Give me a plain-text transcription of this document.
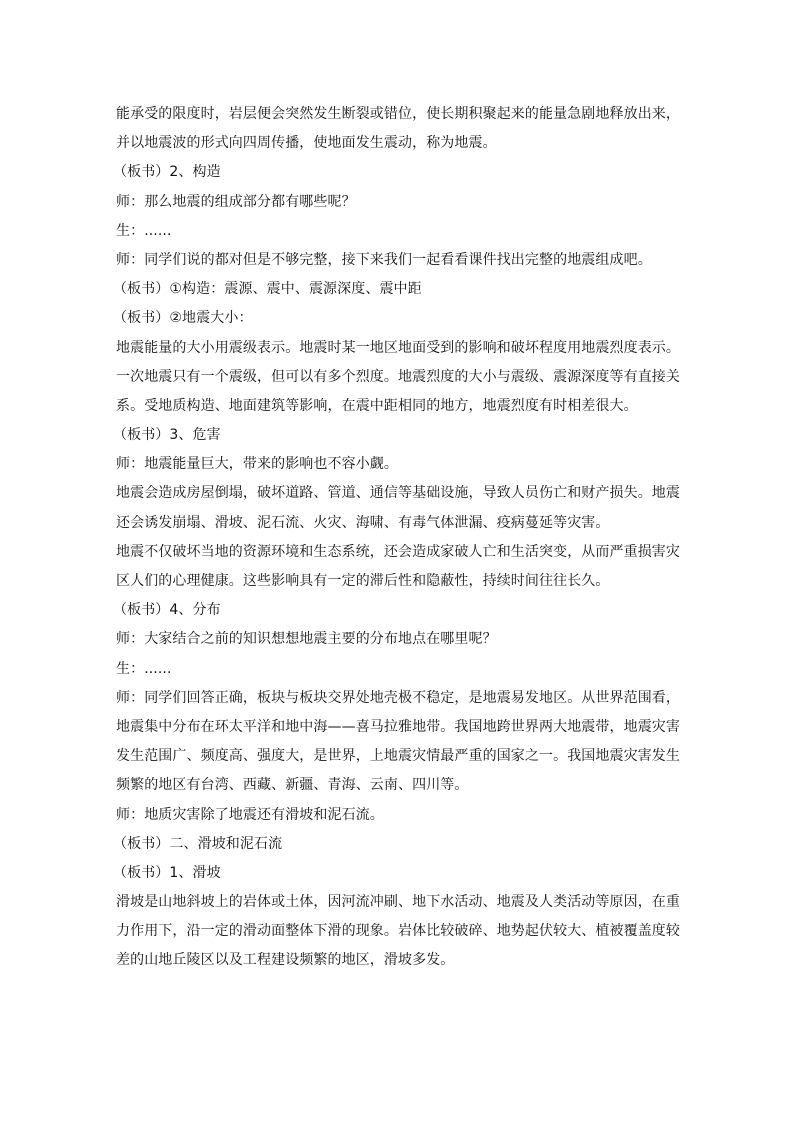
能承受的限度时，岩层便会突然发生断裂或错位，使长期积聚起来的能量急剧地释放出来，
并以地震波的形式向四周传播，使地面发生震动，称为地震。
（板书）2、构造
师：那么地震的组成部分都有哪些呢？
生：......
师：同学们说的都对但是不够完整，接下来我们一起看看课件找出完整的地震组成吧。
（板书）①构造：震源、震中、震源深度、震中距
（板书）②地震大小：
地震能量的大小用震级表示。地震时某一地区地面受到的影响和破坏程度用地震烈度表示。
一次地震只有一个震级，但可以有多个烈度。地震烈度的大小与震级、震源深度等有直接关
系。受地质构造、地面建筑等影响，在震中距相同的地方，地震烈度有时相差很大。
（板书）3、危害
师：地震能量巨大，带来的影响也不容小觑。
地震会造成房屋倒塌，破坏道路、管道、通信等基础设施，导致人员伤亡和财产损失。地震
还会诱发崩塌、滑坡、泥石流、火灾、海啸、有毒气体泄漏、疫病蔓延等灾害。
地震不仅破坏当地的资源环境和生态系统，还会造成家破人亡和生活突变，从而严重损害灾
区人们的心理健康。这些影响具有一定的滞后性和隐蔽性，持续时间往往长久。
（板书）4、分布
师：大家结合之前的知识想想地震主要的分布地点在哪里呢？
生：......
师：同学们回答正确，板块与板块交界处地壳极不稳定，是地震易发地区。从世界范围看，
地震集中分布在环太平洋和地中海——喜马拉雅地带。我国地跨世界两大地震带，地震灾害
发生范围广、频度高、强度大，是世界，上地震灾情最严重的国家之一。我国地震灾害发生
频繁的地区有台湾、西藏、新疆、青海、云南、四川等。
师：地质灾害除了地震还有滑坡和泥石流。
（板书）二、滑坡和泥石流
（板书）1、滑坡
滑坡是山地斜坡上的岩体或土体，因河流冲刷、地下水活动、地震及人类活动等原因，在重
力作用下，沿一定的滑动面整体下滑的现象。岩体比较破碎、地势起伏较大、植被覆盖度较
差的山地丘陵区以及工程建设频繁的地区，滑坡多发。
